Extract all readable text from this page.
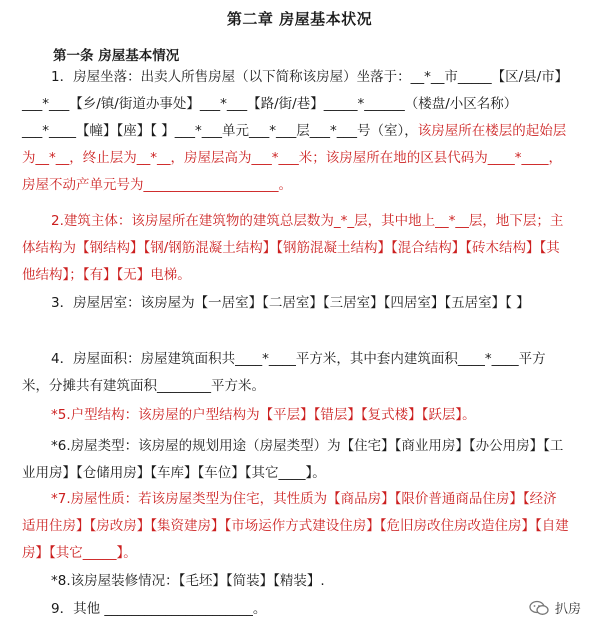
第二章 房屋基本状况
第一条 房屋基本情况
1．房屋坐落：出卖人所售房屋（以下简称该房屋）坐落于：__*__市_____【区/县/市】___*___【乡/镇/街道办事处】___*___【路/街/巷】_____*______（楼盘/小区名称）___*____【幢】【座】【 】___*___单元___*___层___*___号（室），该房屋所在楼层的起始层为__*__，终止层为__*__，房屋层高为___*___米；该房屋所在地的区县代码为____*____，房屋不动产单元号为____________________。
2.建筑主体：该房屋所在建筑物的建筑总层数为_*_层，其中地上__*__层，地下层；主体结构为【钢结构】【钢/钢筋混凝土结构】【钢筋混凝土结构】【混合结构】【砖木结构】【其他结构】；【有】【无】电梯。
3．房屋居室：该房屋为【一居室】【二居室】【三居室】【四居室】【五居室】【 】
4．房屋面积：房屋建筑面积共____*____平方米，其中套内建筑面积____*____平方米，分摊共有建筑面积________平方米。
*5.户型结构：该房屋的户型结构为【平层】【错层】【复式楼】【跃层】。
*6.房屋类型：该房屋的规划用途（房屋类型）为【住宅】【商业用房】【办公用房】【工业用房】【仓储用房】【车库】【车位】【其它____】。
*7.房屋性质：若该房屋类型为住宅，其性质为【商品房】【限价普通商品住房】【经济适用住房】【房改房】【集资建房】【市场运作方式建设住房】【危旧房改住房改造住房】【自建房】【其它_____】。
*8.该房屋装修情况：【毛坯】【简装】【精装】.
9．其他 ______________________。	扒房
